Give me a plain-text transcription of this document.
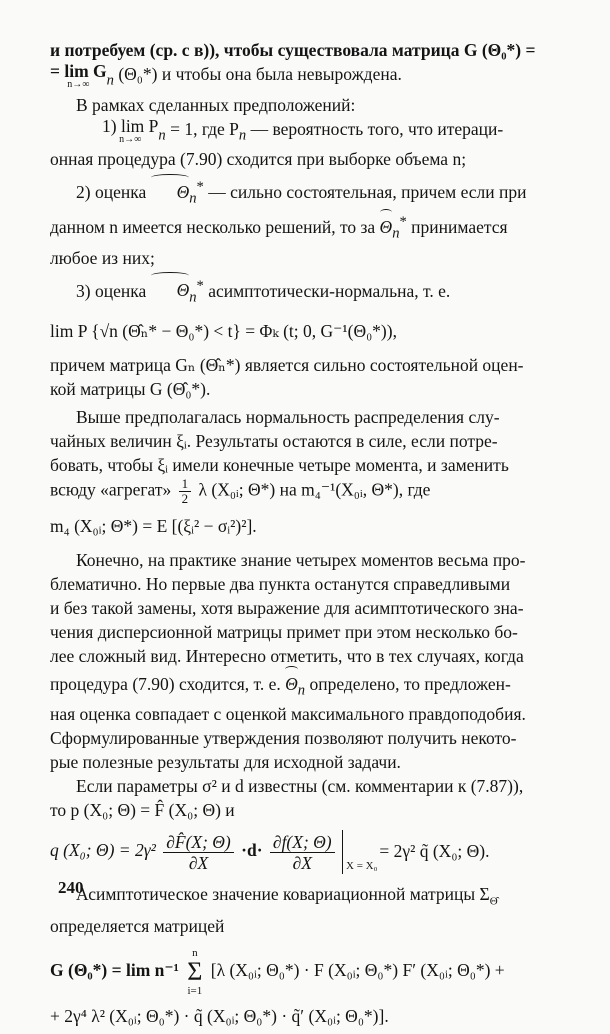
и потребуем (ср. с в)), чтобы существовала матрица G (Θ₀*) =

= lim G
n→∞	$_n$ (Θ₀*) и чтобы она была невырождена.

В рамках сделанных предположений:

1) lim P
n→∞	$_n$ = 1, где $P_n$ — вероятность того, что итераци-

онная процедура (7.90) сходится при выборке объема n;

2) оценка $\Theta_n^*$ — сильно состоятельная, причем если при

данном n имеется несколько решений, то за $\Theta_n^*$ принимается

любое из них;

3) оценка $\Theta_n^*$ асимптотически-нормальна, т. е.

lim P {√n (Θ̂ₙ* − Θ₀*) < t} = Φₖ (t; 0, G⁻¹(Θ₀*)),

причем матрица Gₙ (Θ̂ₙ*) является сильно состоятельной оцен-

кой матрицы G (Θ̂₀*).

Выше предполагалась нормальность распределения слу-

чайных величин ξᵢ. Результаты остаются в силе, если потре-

бовать, чтобы ξᵢ имели конечные четыре момента, и заменить

всюду «агрегат» $\frac{1}{2}$ λ (X₀ᵢ; Θ*) на m₄⁻¹(X₀ᵢ, Θ*), где

m₄ (X₀ᵢ; Θ*) = E [(ξᵢ² − σᵢ²)²].

Конечно, на практике знание четырех моментов весьма про-

блематично. Но первые два пункта останутся справедливыми

и без такой замены, хотя выражение для асимптотического зна-

чения дисперсионной матрицы примет при этом несколько бо-

лее сложный вид. Интересно отметить, что в тех случаях, когда

процедура (7.90) сходится, т. е. $\Theta_n$ определено, то предложен-

ная оценка совпадает с оценкой максимального правдоподобия.

Сформулированные утверждения позволяют получить некото-

рые полезные результаты для исходной задачи.

Если параметры σ² и d известны (см. комментарии к (7.87)),

то p (X₀; Θ) = F̂ (X₀; Θ) и

q (X₀; $\Theta) = 2\gamma^2 \frac{\partial F̂(X; \Theta)}{\partial X} \cdot d\cdot \frac{\partial f(X; \Theta)}{\partial X}$
X = X₀
= 2γ² q̃ (X₀; Θ).

Асимптотическое значение ковариационной матрицы $\Sigma_{\Thetâ}$

определяется матрицей

G (Θ₀*) = lim n⁻¹
n
Σ
i=1
[λ (X₀ᵢ; Θ₀*) · F (X₀ᵢ; Θ₀*) F′ (X₀ᵢ; Θ₀*) +

+ 2γ⁴ λ² (X₀ᵢ; Θ₀*) · q̃ (X₀ᵢ; Θ₀*) · q̃′ (X₀ᵢ; Θ₀*)].

240
